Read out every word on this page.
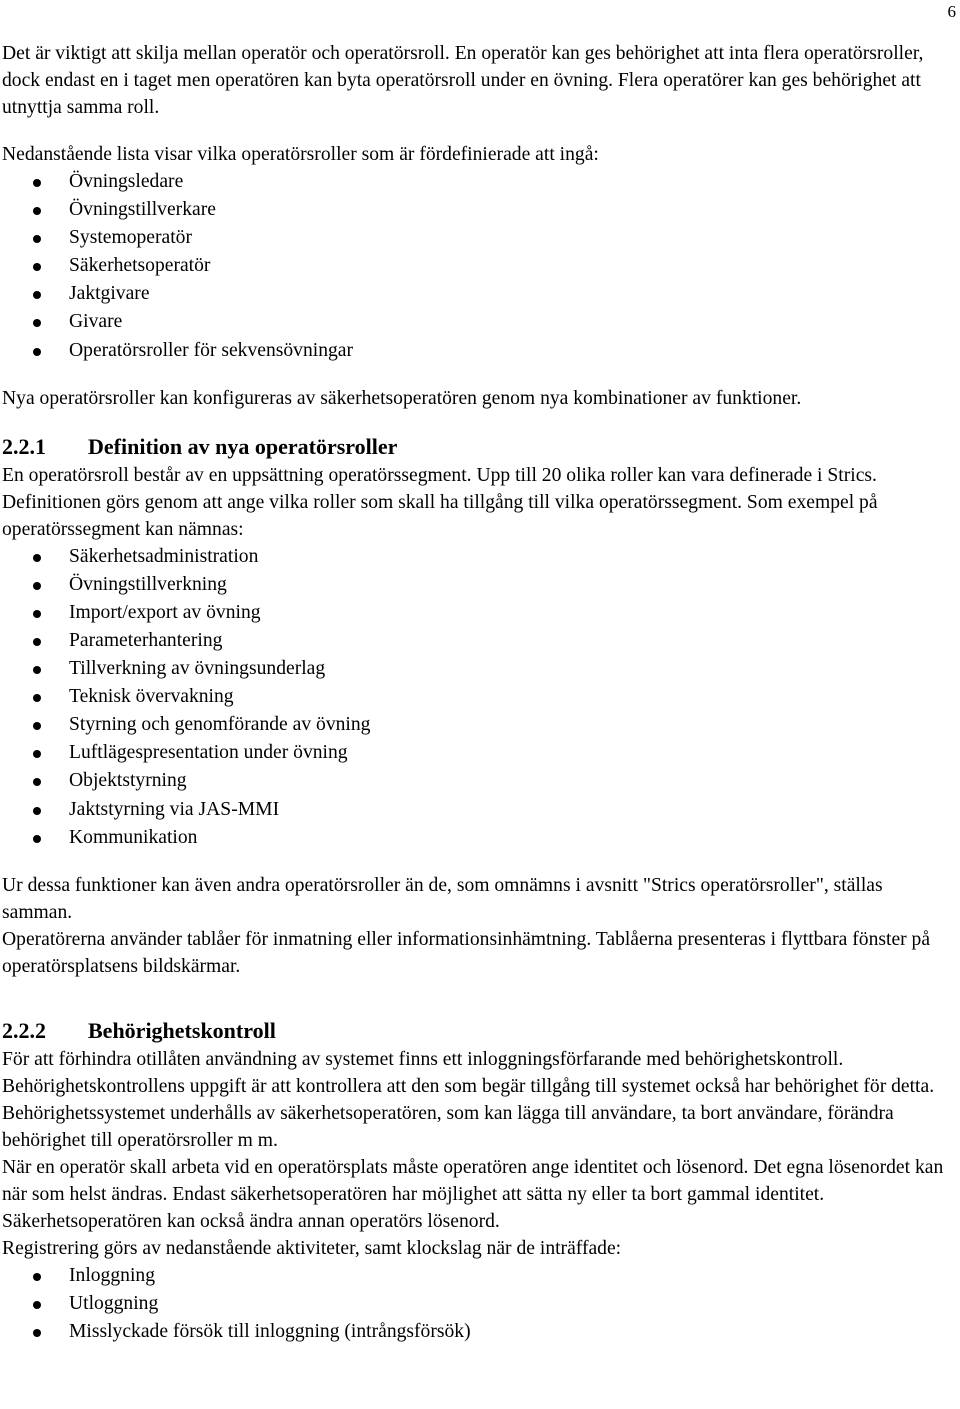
6

Det är viktigt att skilja mellan operatör och operatörsroll. En operatör kan ges behörighet att inta flera operatörsroller, dock endast en i taget men operatören kan byta operatörsroll under en övning. Flera operatörer kan ges behörighet att utnyttja samma roll.

Nedanstående lista visar vilka operatörsroller som är fördefinierade att ingå:

Övningsledare
Övningstillverkare
Systemoperatör
Säkerhetsoperatör
Jaktgivare
Givare
Operatörsroller för sekvensövningar

Nya operatörsroller kan konfigureras av säkerhetsoperatören genom nya kombinationer av funktioner.

2.2.1	Definition av nya operatörsroller

En operatörsroll består av en uppsättning operatörssegment. Upp till 20 olika roller kan vara definerade i Strics. Definitionen görs genom att ange vilka roller som skall ha tillgång till vilka operatörssegment. Som exempel på operatörssegment kan nämnas:

Säkerhetsadministration
Övningstillverkning
Import/export av övning
Parameterhantering
Tillverkning av övningsunderlag
Teknisk övervakning
Styrning och genomförande av övning
Luftlägespresentation under övning
Objektstyrning
Jaktstyrning via JAS-MMI
Kommunikation

Ur dessa funktioner kan även andra operatörsroller än de, som omnämns i avsnitt "Strics operatörsroller", ställas samman.

Operatörerna använder tablåer för inmatning eller informationsinhämtning. Tablåerna presenteras i flyttbara fönster på operatörsplatsens bildskärmar.

2.2.2	Behörighetskontroll

För att förhindra otillåten användning av systemet finns ett inloggningsförfarande med behörighetskontroll. Behörighetskontrollens uppgift är att kontrollera att den som begär tillgång till systemet också har behörighet för detta. Behörighetssystemet underhålls av säkerhetsoperatören, som kan lägga till användare, ta bort användare, förändra behörighet till operatörsroller m m.

När en operatör skall arbeta vid en operatörsplats måste operatören ange identitet och lösenord. Det egna lösenordet kan när som helst ändras. Endast säkerhetsoperatören har möjlighet att sätta ny eller ta bort gammal identitet. Säkerhetsoperatören kan också ändra annan operatörs lösenord.

Registrering görs av nedanstående aktiviteter, samt klockslag när de inträffade:

Inloggning
Utloggning
Misslyckade försök till inloggning (intrångsförsök)
